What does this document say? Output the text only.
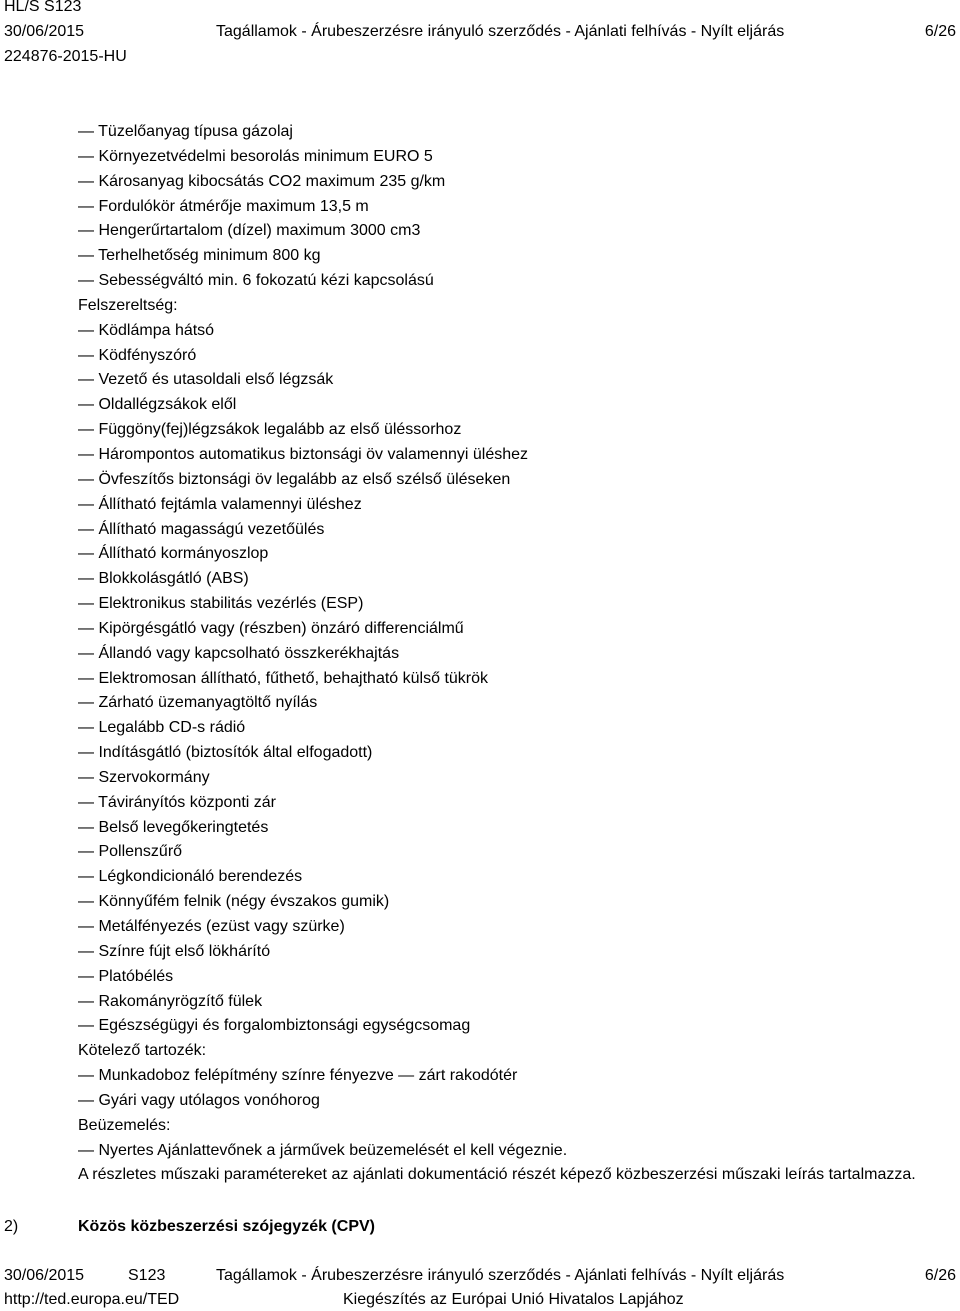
HL/S S123
30/06/2015
224876-2015-HU
Tagállamok - Árubeszerzésre irányuló szerződés - Ajánlati felhívás - Nyílt eljárás	6/26
— Tüzelőanyag típusa gázolaj
— Környezetvédelmi besorolás minimum EURO 5
— Károsanyag kibocsátás CO2 maximum 235 g/km
— Fordulókör átmérője maximum 13,5 m
— Hengerűrtartalom (dízel) maximum 3000 cm3
— Terhelhetőség minimum 800 kg
— Sebességváltó min. 6 fokozatú kézi kapcsolású
Felszereltség:
— Ködlámpa hátsó
— Ködfényszóró
— Vezető és utasoldali első légzsák
— Oldallégzsákok elől
— Függöny(fej)légzsákok legalább az első üléssorhoz
— Hárompontos automatikus biztonsági öv valamennyi üléshez
— Övfeszítős biztonsági öv legalább az első szélső üléseken
— Állítható fejtámla valamennyi üléshez
— Állítható magasságú vezetőülés
— Állítható kormányoszlop
— Blokkolásgátló (ABS)
— Elektronikus stabilitás vezérlés (ESP)
— Kipörgésgátló vagy (részben) önzáró differenciálmű
— Állandó vagy kapcsolható összkerékhajtás
— Elektromosan állítható, fűthető, behajtható külső tükrök
— Zárható üzemanyagtöltő nyílás
— Legalább CD-s rádió
— Indításgátló (biztosítók által elfogadott)
— Szervokormány
— Távirányítós központi zár
— Belső levegőkeringtetés
— Pollenszűrő
— Légkondicionáló berendezés
— Könnyűfém felnik (négy évszakos gumik)
— Metálfényezés (ezüst vagy szürke)
— Színre fújt első lökhárító
— Platóbélés
— Rakományrögzítő fülek
— Egészségügyi és forgalombiztonsági egységcsomag
Kötelező tartozék:
— Munkadoboz felépítmény színre fényezve — zárt rakodótér
— Gyári vagy utólagos vonóhorog
Beüzemelés:
— Nyertes Ajánlattevőnek a járművek beüzemelését el kell végeznie.
A részletes műszaki paramétereket az ajánlati dokumentáció részét képező közbeszerzési műszaki leírás tartalmazza.
2)	Közös közbeszerzési szójegyzék (CPV)
30/06/2015	S123	Tagállamok - Árubeszerzésre irányuló szerződés - Ajánlati felhívás - Nyílt eljárás	6/26
http://ted.europa.eu/TED	Kiegészítés az Európai Unió Hivatalos Lapjához
